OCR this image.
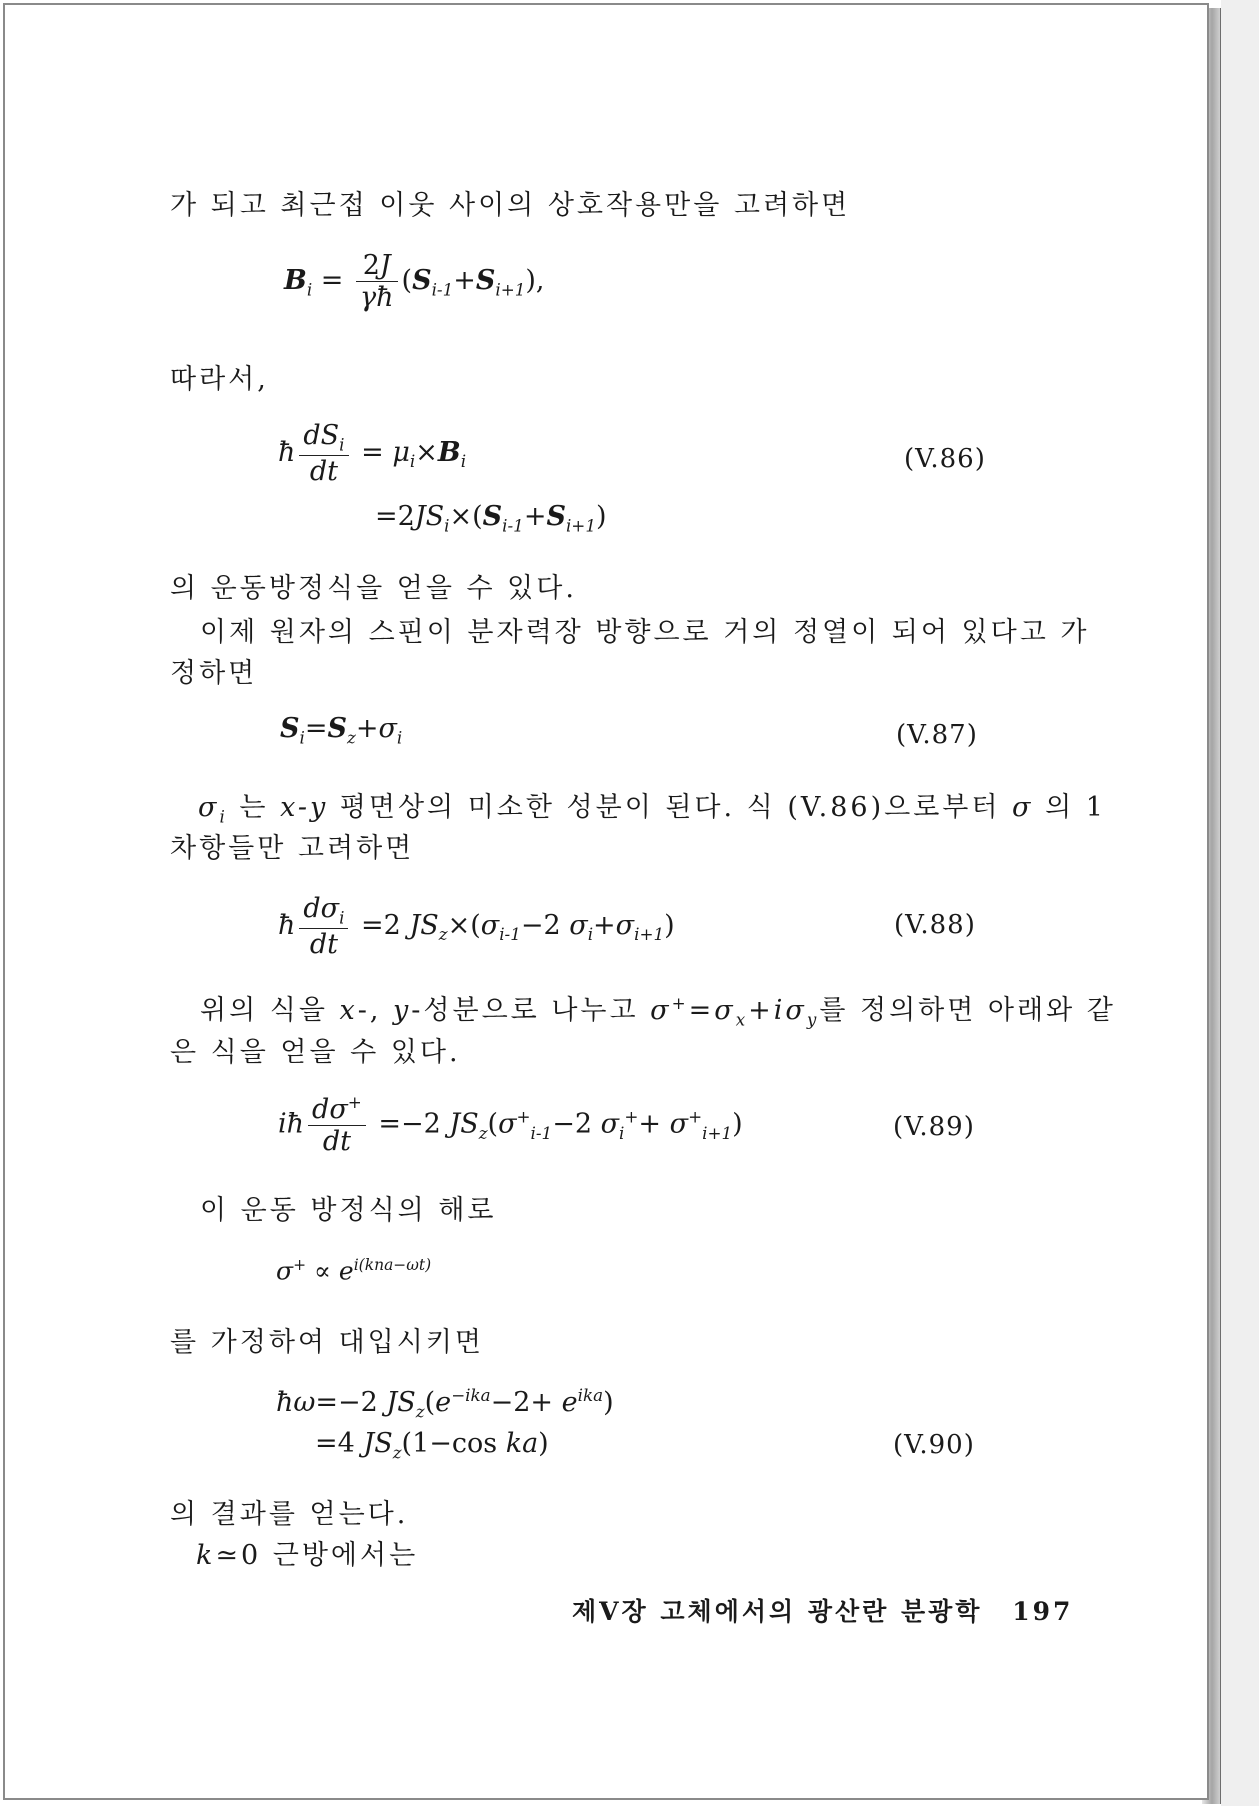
가 되고 최근접 이웃 사이의 상호작용만을 고려하면
$B_i = \frac{2J}{\gamma ħ} (S_{i-1}+S_{i+1})$,
따라서,
ħ $\frac{dS_i}{dt} = \mu_i\times B_i$	(V.86)
$=2JS_i\times(S_{i-1}+S_{i+1})$
의 운동방정식을 얻을 수 있다.
이제 원자의 스핀이 분자력장 방향으로 거의 정열이 되어 있다고 가
정하면
$S_i=S_z+\sigma_i$	(V.87)
$\sigma_i$ 는 x-y 평면상의 미소한 성분이 된다. 식 (V.86)으로부터 σ 의 1
차항들만 고려하면
ħ $\frac{d\sigma_i}{dt} =2$ $JS_z\times(\sigma_{i-1}-2$ $\sigma_i+\sigma_{i+1}$)	(V.88)
위의 식을 x-, y-성분으로 나누고 $\sigma^+=\sigma_x+i\sigma_y$를 정의하면 아래와 같
은 식을 얻을 수 있다.
iħ $\frac{d\sigma^+}{dt} =-2$ $JS_z(\sigma^+_{i-1}-2$ $\sigma_i^++ \sigma^+_{i+1}$)	(V.89)
이 운동 방정식의 해로
$\sigma^+ \propto e^{i(kna-\omega t)}$
를 가정하여 대입시키면
ħω=−2 $JS_z(e^{-ika}-2+ e^{ika})$
=4 $JS_z(1-\cos$ ka)	(V.90)
의 결과를 얻는다.
k≃0 근방에서는
제V장 고체에서의 광산란 분광학 197
